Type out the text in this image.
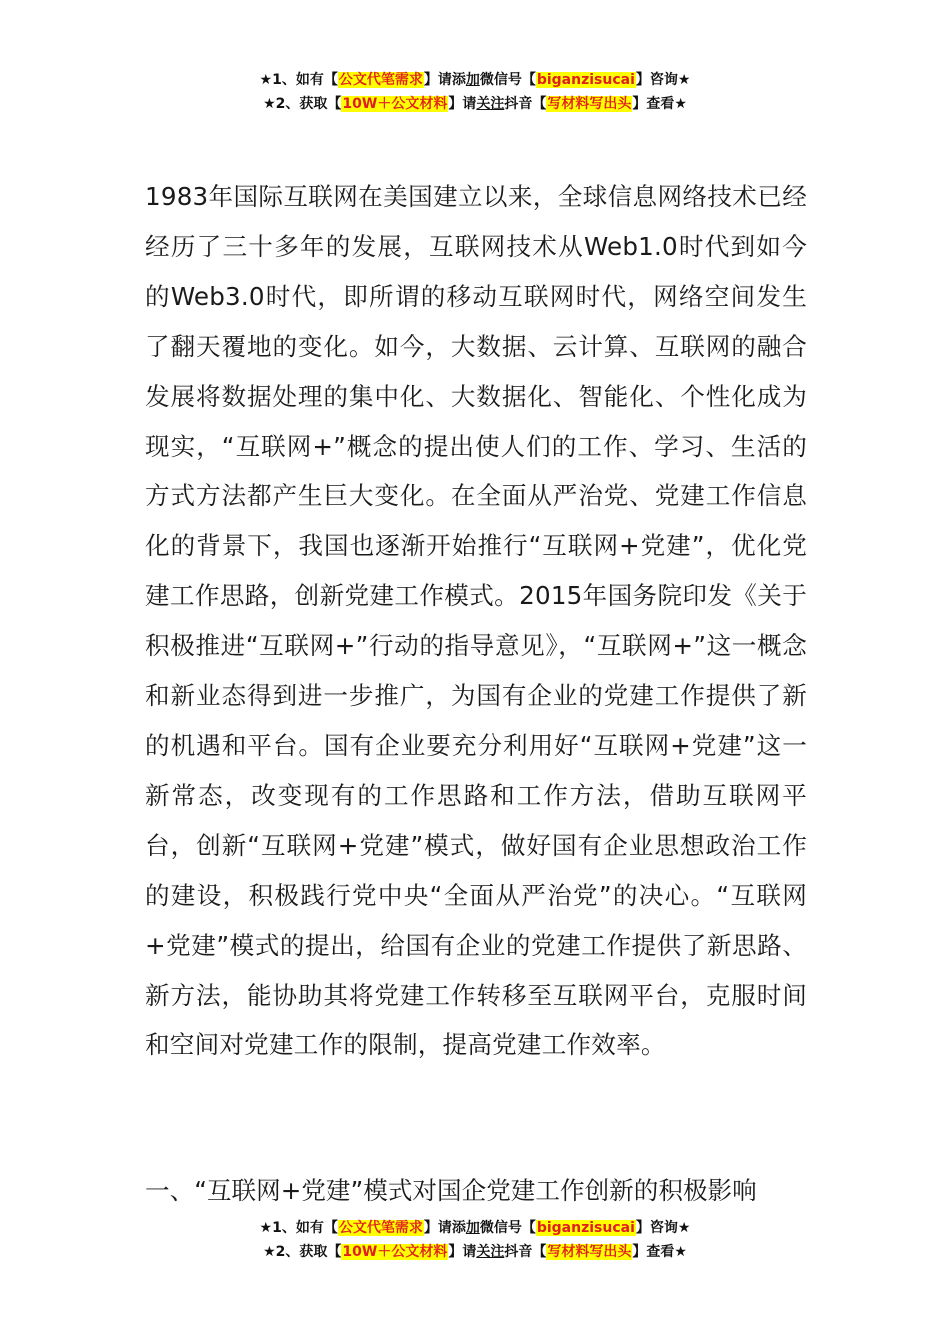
★1、如有【公文代笔需求】请添加微信号【biganzisucai】咨询★
★2、获取【10W＋公文材料】请关注抖音【写材料写出头】查看★

1983年国际互联网在美国建立以来，全球信息网络技术已经经历了三十多年的发展，互联网技术从Web1.0时代到如今的Web3.0时代，即所谓的移动互联网时代，网络空间发生了翻天覆地的变化。如今，大数据、云计算、互联网的融合发展将数据处理的集中化、大数据化、智能化、个性化成为现实，“互联网+”概念的提出使人们的工作、学习、生活的方式方法都产生巨大变化。在全面从严治党、党建工作信息化的背景下，我国也逐渐开始推行“互联网+党建”，优化党建工作思路，创新党建工作模式。2015年国务院印发《关于积极推进“互联网+”行动的指导意见》，“互联网+”这一概念和新业态得到进一步推广，为国有企业的党建工作提供了新的机遇和平台。国有企业要充分利用好“互联网+党建”这一新常态，改变现有的工作思路和工作方法，借助互联网平台，创新“互联网+党建”模式，做好国有企业思想政治工作的建设，积极践行党中央“全面从严治党”的决心。“互联网+党建”模式的提出，给国有企业的党建工作提供了新思路、新方法，能协助其将党建工作转移至互联网平台，克服时间和空间对党建工作的限制，提高党建工作效率。

一、“互联网+党建”模式对国企党建工作创新的积极影响
★1、如有【公文代笔需求】请添加微信号【biganzisucai】咨询★
★2、获取【10W＋公文材料】请关注抖音【写材料写出头】查看★
